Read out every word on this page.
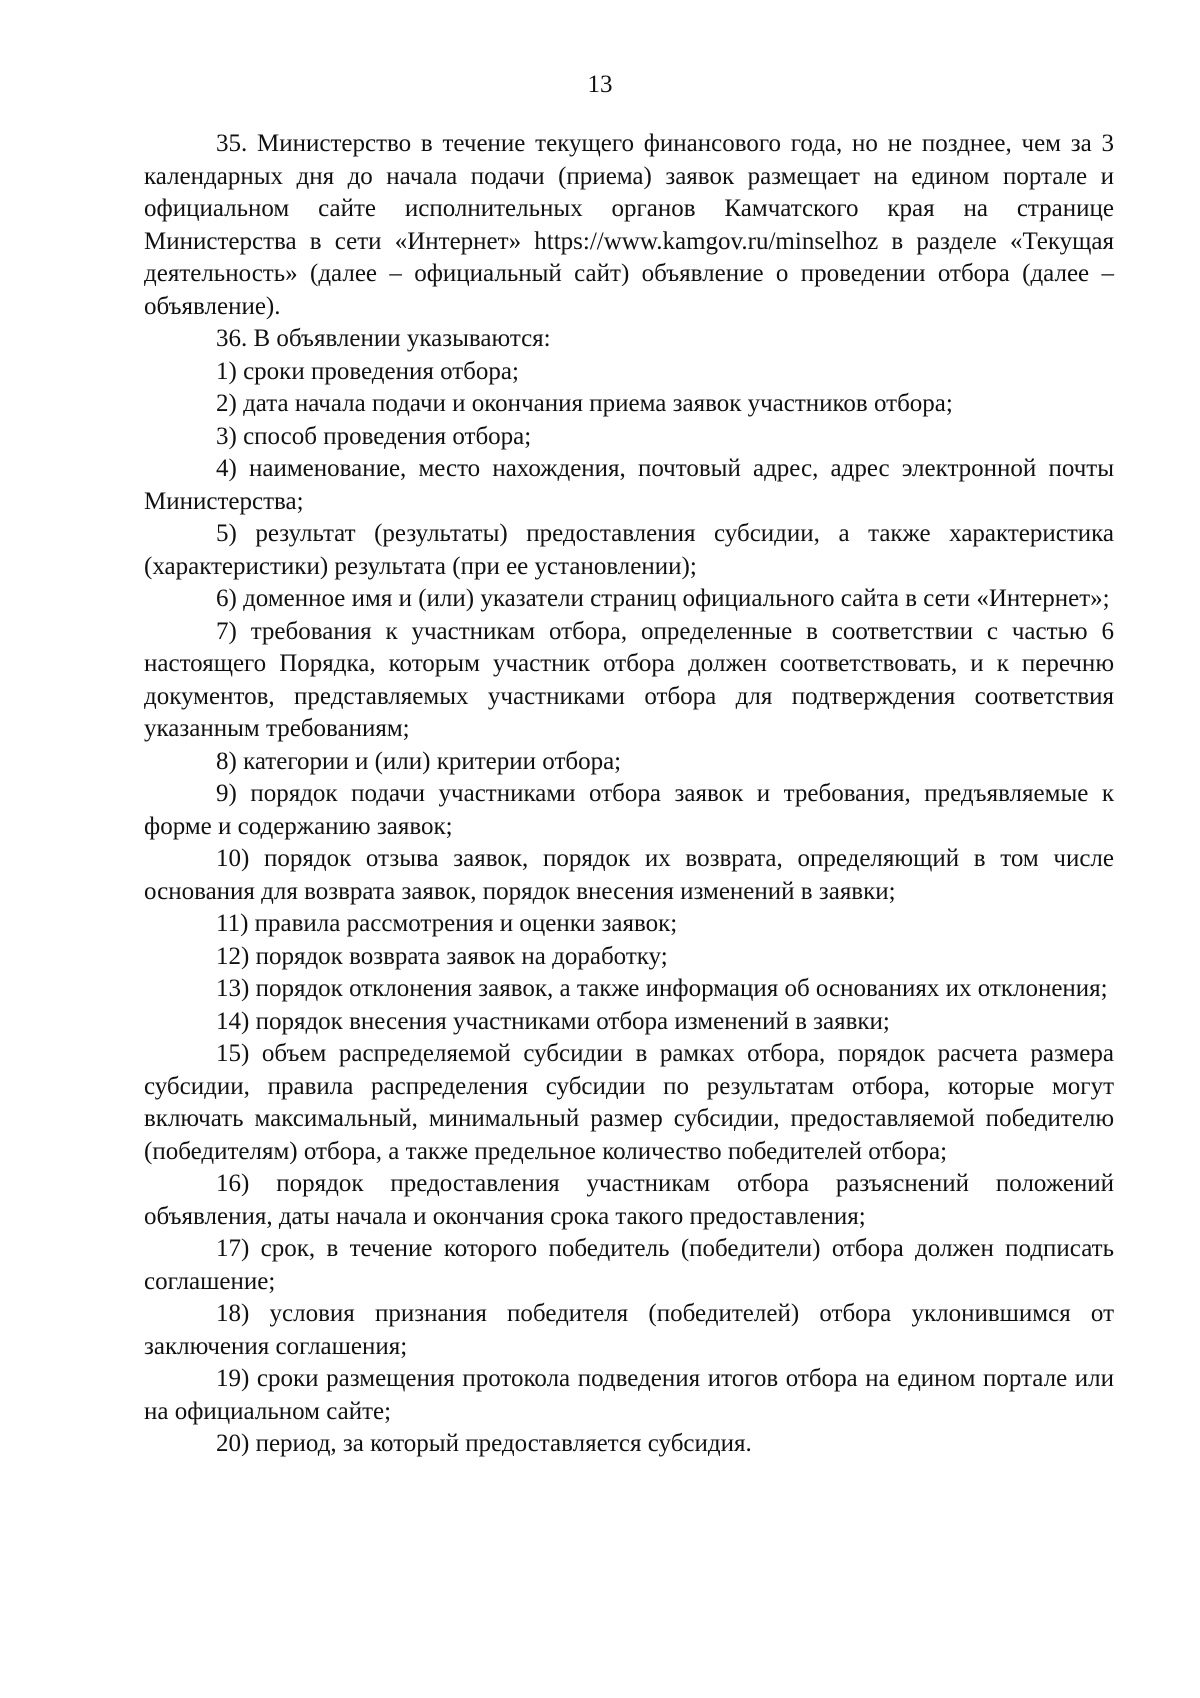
13

35. Министерство в течение текущего финансового года, но не позднее, чем за 3 календарных дня до начала подачи (приема) заявок размещает на едином портале и официальном сайте исполнительных органов Камчатского края на странице Министерства в сети «Интернет» https://www.kamgov.ru/minselhoz в разделе «Текущая деятельность» (далее – официальный сайт) объявление о проведении отбора (далее – объявление).

36. В объявлении указываются:

1) сроки проведения отбора;

2) дата начала подачи и окончания приема заявок участников отбора;

3) способ проведения отбора;

4) наименование, место нахождения, почтовый адрес, адрес электронной почты Министерства;

5) результат (результаты) предоставления субсидии, а также характеристика (характеристики) результата (при ее установлении);

6) доменное имя и (или) указатели страниц официального сайта в сети «Интернет»;

7) требования к участникам отбора, определенные в соответствии с частью 6 настоящего Порядка, которым участник отбора должен соответствовать, и к перечню документов, представляемых участниками отбора для подтверждения соответствия указанным требованиям;

8) категории и (или) критерии отбора;

9) порядок подачи участниками отбора заявок и требования, предъявляемые к форме и содержанию заявок;

10) порядок отзыва заявок, порядок их возврата, определяющий в том числе основания для возврата заявок, порядок внесения изменений в заявки;

11) правила рассмотрения и оценки заявок;

12) порядок возврата заявок на доработку;

13) порядок отклонения заявок, а также информация об основаниях их отклонения;

14) порядок внесения участниками отбора изменений в заявки;

15) объем распределяемой субсидии в рамках отбора, порядок расчета размера субсидии, правила распределения субсидии по результатам отбора, которые могут включать максимальный, минимальный размер субсидии, предоставляемой победителю (победителям) отбора, а также предельное количество победителей отбора;

16) порядок предоставления участникам отбора разъяснений положений объявления, даты начала и окончания срока такого предоставления;

17) срок, в течение которого победитель (победители) отбора должен подписать соглашение;

18) условия признания победителя (победителей) отбора уклонившимся от заключения соглашения;

19) сроки размещения протокола подведения итогов отбора на едином портале или на официальном сайте;

20) период, за который предоставляется субсидия.
